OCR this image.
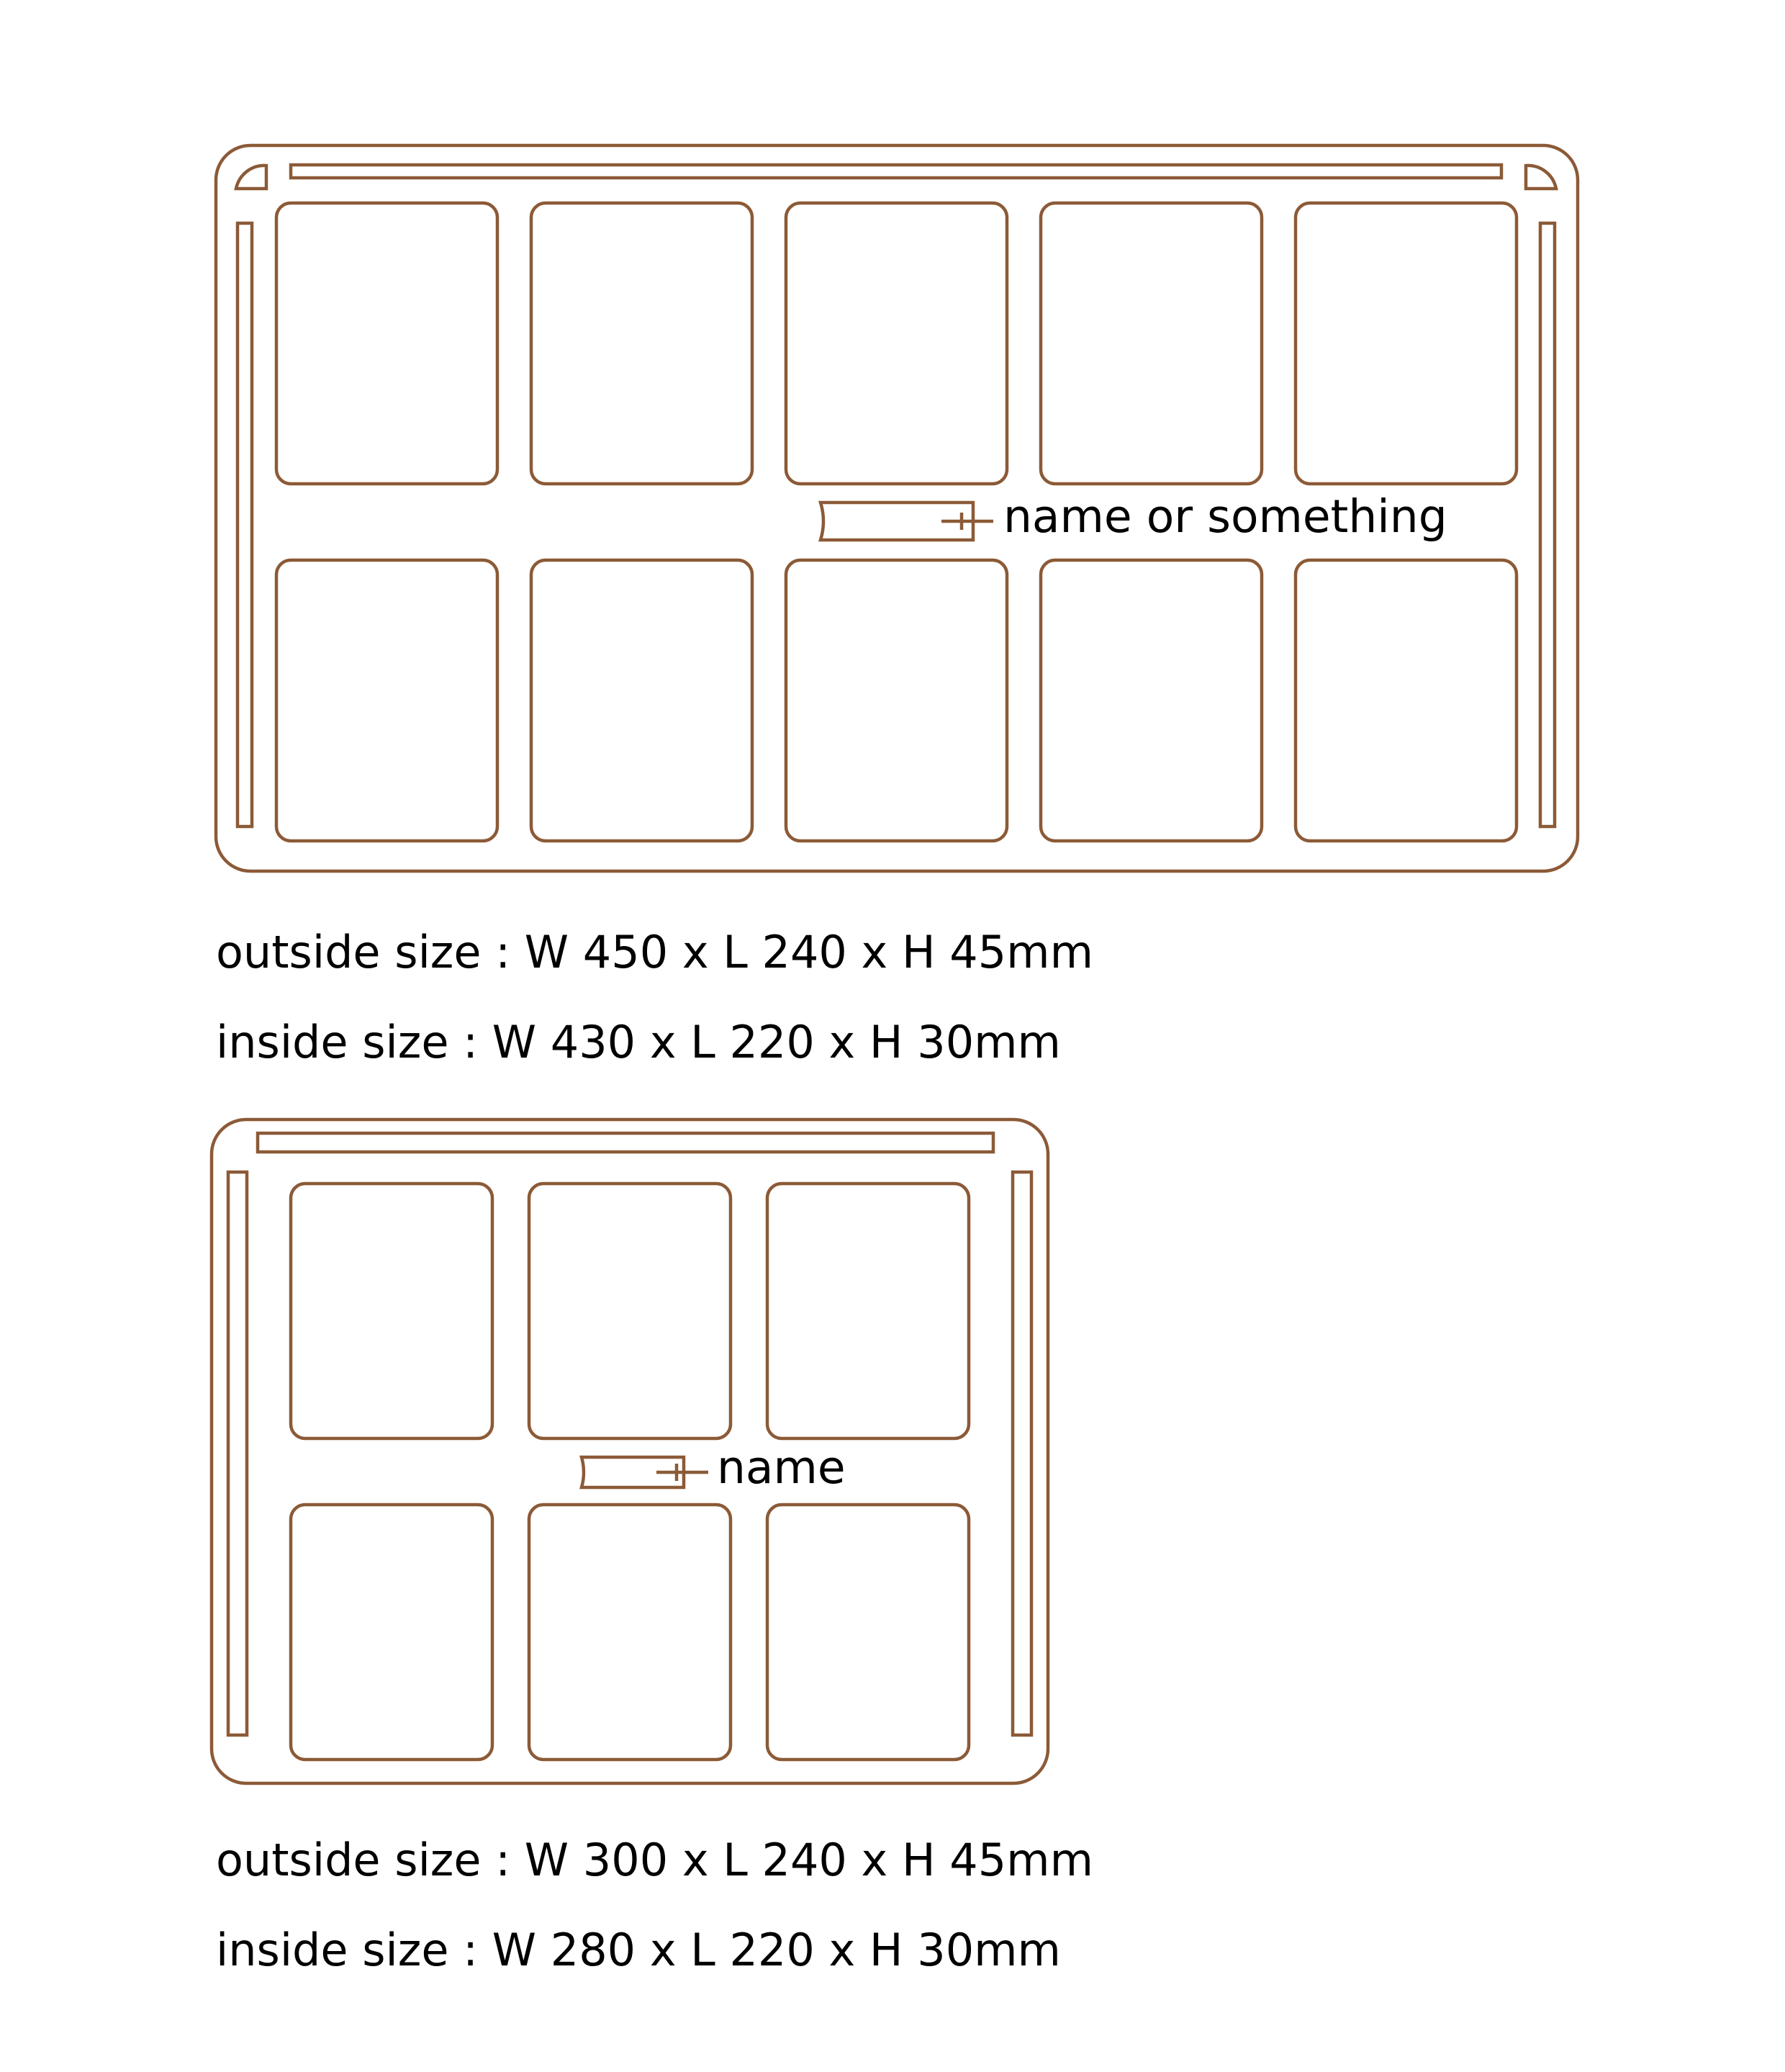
name or something
name
outside size : W 450 x L 240 x H 45mm
inside size : W 430 x L 220 x H 30mm
outside size : W 300 x L 240 x H 45mm
inside size : W 280 x L 220 x H 30mm
